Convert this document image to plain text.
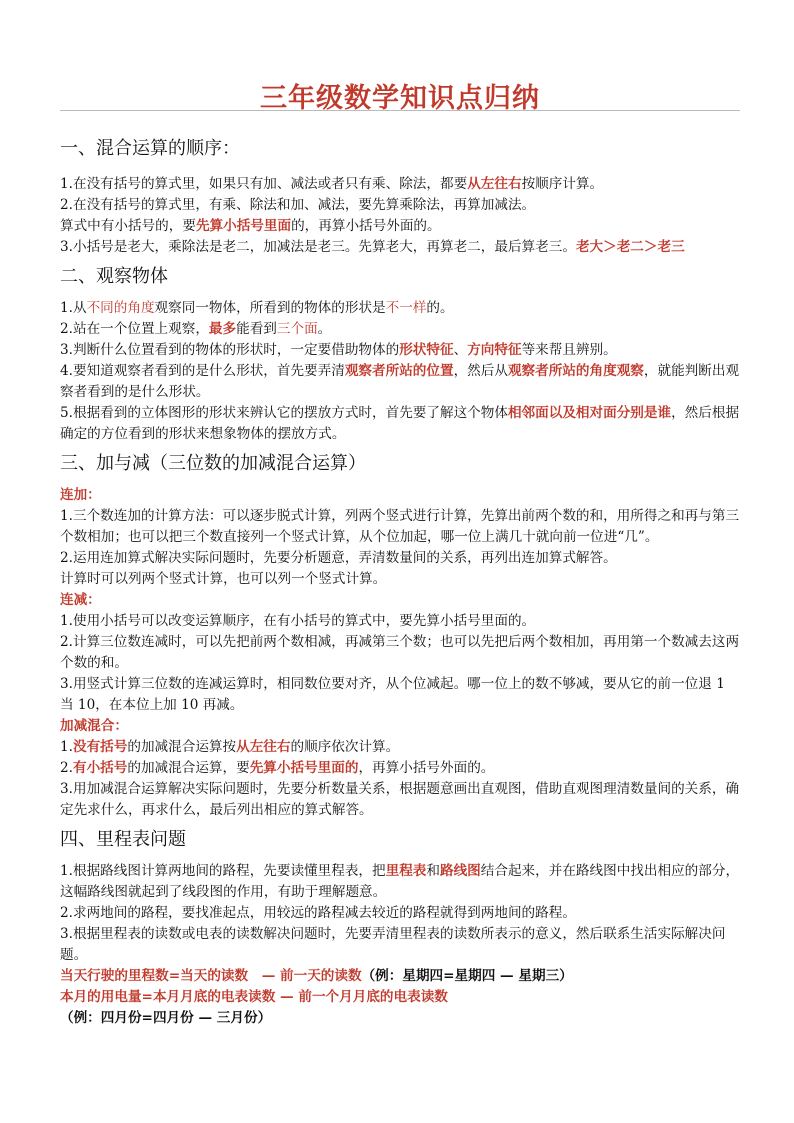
三年级数学知识点归纳
一、混合运算的顺序：

1.在没有括号的算式里，如果只有加、减法或者只有乘、除法，都要从左往右按顺序计算。

2.在没有括号的算式里，有乘、除法和加、减法，要先算乘除法，再算加减法。

算式中有小括号的，要先算小括号里面的，再算小括号外面的。

3.小括号是老大，乘除法是老二，加减法是老三。先算老大，再算老二，最后算老三。老大＞老二＞老三

二、观察物体

1.从不同的角度观察同一物体，所看到的物体的形状是不一样的。

2.站在一个位置上观察，最多能看到三个面。

3.判断什么位置看到的物体的形状时，一定要借助物体的形状特征、方向特征等来帮且辨别。

4.要知道观察者看到的是什么形状，首先要弄清观察者所站的位置，然后从观察者所站的角度观察，就能判断出观察者看到的是什么形状。

5.根据看到的立体图形的形状来辨认它的摆放方式时，首先要了解这个物体相邻面以及相对面分别是谁，然后根据确定的方位看到的形状来想象物体的摆放方式。

三、加与减（三位数的加减混合运算）

连加：

1.三个数连加的计算方法：可以逐步脱式计算，列两个竖式进行计算，先算出前两个数的和，用所得之和再与第三个数相加；也可以把三个数直接列一个竖式计算，从个位加起，哪一位上满几十就向前一位进“几”。

2.运用连加算式解决实际问题时，先要分析题意，弄清数量间的关系，再列出连加算式解答。

计算时可以列两个竖式计算，也可以列一个竖式计算。

连减：

1.使用小括号可以改变运算顺序，在有小括号的算式中，要先算小括号里面的。

2.计算三位数连减时，可以先把前两个数相减，再减第三个数；也可以先把后两个数相加，再用第一个数减去这两个数的和。

3.用竖式计算三位数的连减运算时，相同数位要对齐，从个位减起。哪一位上的数不够减，要从它的前一位退 1 当 10，在本位上加 10 再减。

加减混合：

1.没有括号的加减混合运算按从左往右的顺序依次计算。

2.有小括号的加减混合运算，要先算小括号里面的，再算小括号外面的。

3.用加减混合运算解决实际问题时，先要分析数量关系，根据题意画出直观图，借助直观图理清数量间的关系，确定先求什么，再求什么，最后列出相应的算式解答。

四、里程表问题

1.根据路线图计算两地间的路程，先要读懂里程表，把里程表和路线图结合起来，并在路线图中找出相应的部分，这幅路线图就起到了线段图的作用，有助于理解题意。

2.求两地间的路程，要找准起点，用较远的路程减去较近的路程就得到两地间的路程。

3.根据里程表的读数或电表的读数解决问题时，先要弄清里程表的读数所表示的意义，然后联系生活实际解决问题。

当天行驶的里程数=当天的读数　— 前一天的读数（例：星期四=星期四 — 星期三）

本月的用电量=本月月底的电表读数 — 前一个月月底的电表读数

（例：四月份=四月份 — 三月份）
